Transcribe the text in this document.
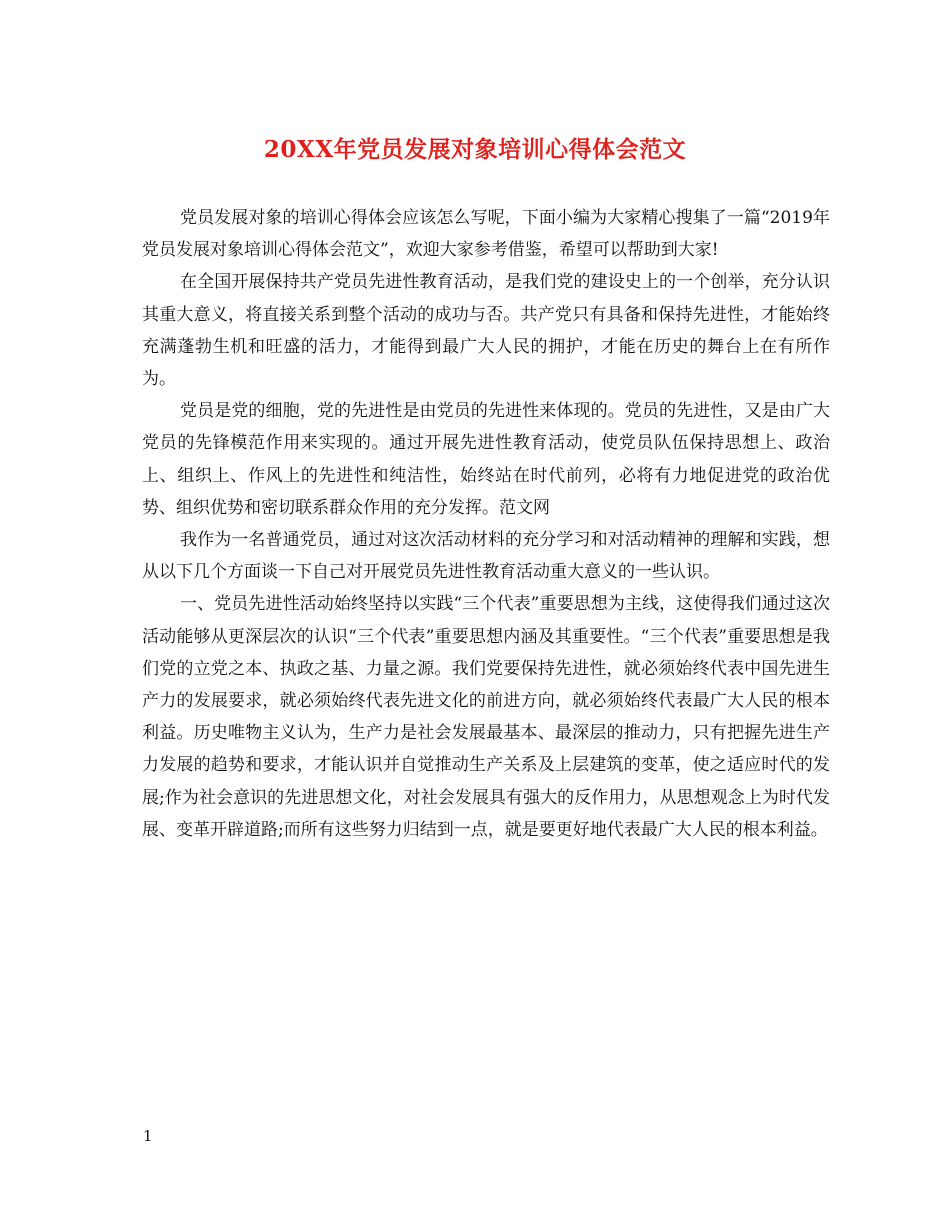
20XX年党员发展对象培训心得体会范文

党员发展对象的培训心得体会应该怎么写呢，下面小编为大家精心搜集了一篇“2019年党员发展对象培训心得体会范文”，欢迎大家参考借鉴，希望可以帮助到大家!

在全国开展保持共产党员先进性教育活动，是我们党的建设史上的一个创举，充分认识其重大意义，将直接关系到整个活动的成功与否。共产党只有具备和保持先进性，才能始终充满蓬勃生机和旺盛的活力，才能得到最广大人民的拥护，才能在历史的舞台上在有所作为。

党员是党的细胞，党的先进性是由党员的先进性来体现的。党员的先进性，又是由广大党员的先锋模范作用来实现的。通过开展先进性教育活动，使党员队伍保持思想上、政治上、组织上、作风上的先进性和纯洁性，始终站在时代前列，必将有力地促进党的政治优势、组织优势和密切联系群众作用的充分发挥。范文网

我作为一名普通党员，通过对这次活动材料的充分学习和对活动精神的理解和实践，想从以下几个方面谈一下自己对开展党员先进性教育活动重大意义的一些认识。

一、党员先进性活动始终坚持以实践“三个代表”重要思想为主线，这使得我们通过这次活动能够从更深层次的认识“三个代表”重要思想内涵及其重要性。“三个代表”重要思想是我们党的立党之本、执政之基、力量之源。我们党要保持先进性，就必须始终代表中国先进生产力的发展要求，就必须始终代表先进文化的前进方向，就必须始终代表最广大人民的根本利益。历史唯物主义认为，生产力是社会发展最基本、最深层的推动力，只有把握先进生产力发展的趋势和要求，才能认识并自觉推动生产关系及上层建筑的变革，使之适应时代的发展;作为社会意识的先进思想文化，对社会发展具有强大的反作用力，从思想观念上为时代发展、变革开辟道路;而所有这些努力归结到一点，就是要更好地代表最广大人民的根本利益。

1
